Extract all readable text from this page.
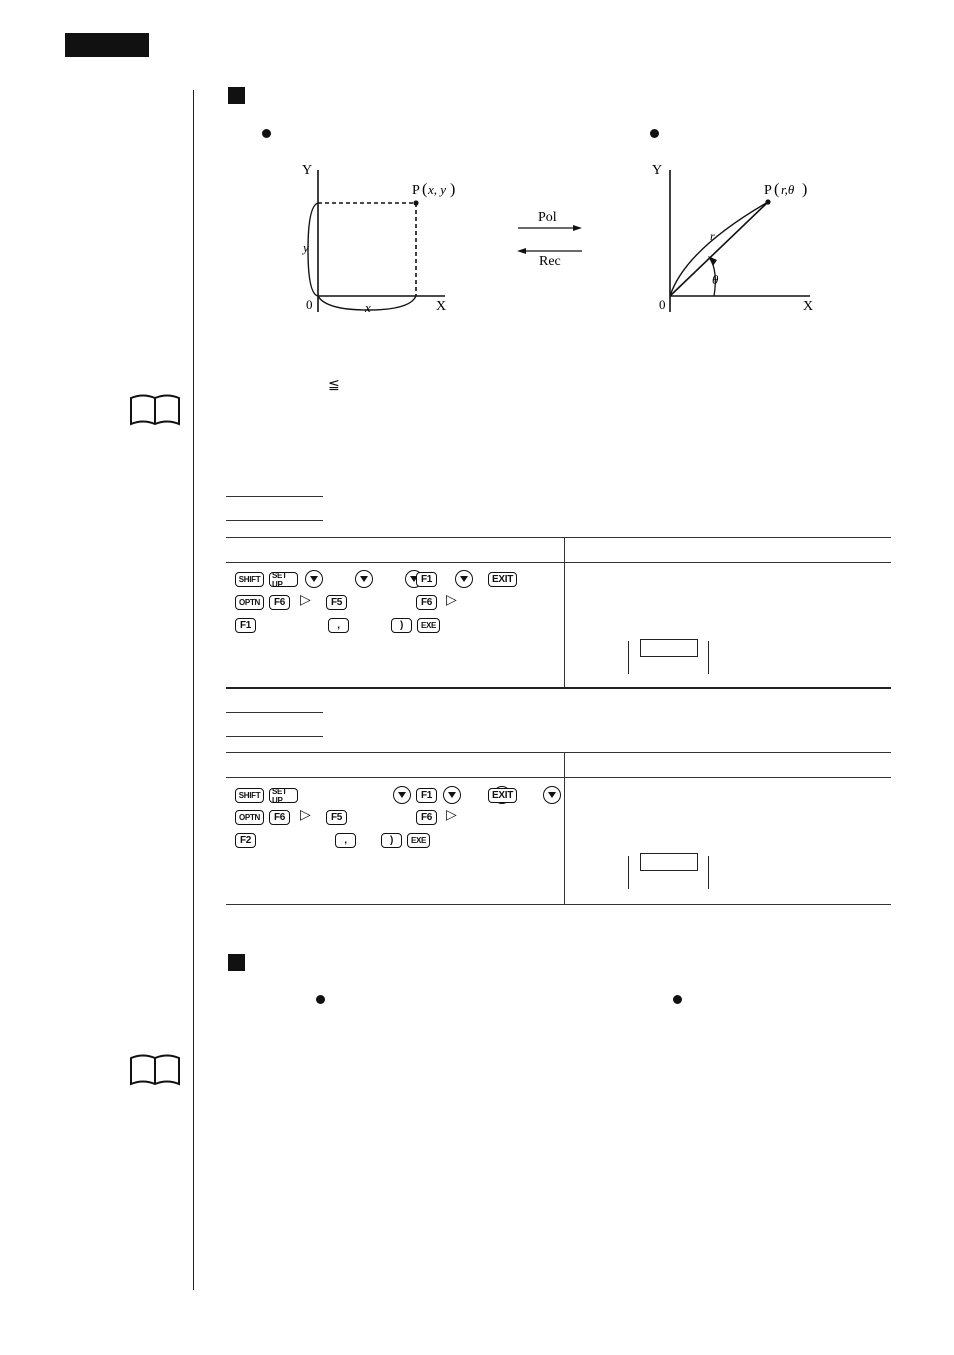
Y
0	X
P ( x, y )
y
x
Pol
Rec
Y
0	X
P ( r,θ )
r
θ
≦
SHIFT	SET UP
	F1	EXIT
OPTN	F6	▷	F5	F6 ▷
F1	,	)	EXE
SHIFT	SET UP
	F1	EXIT
OPTN	F6	▷	F5	F6 ▷
F2	,	)	EXE
